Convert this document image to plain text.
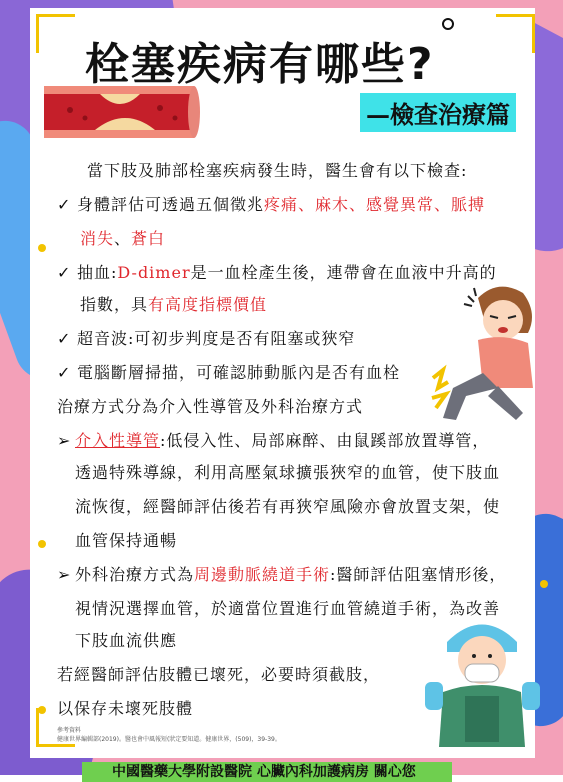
栓塞疾病有哪些?
—檢查治療篇
當下肢及肺部栓塞疾病發生時，醫生會有以下檢查:
✓ 身體評估可透過五個徵兆疼痛、麻木、感覺異常、脈搏
消失、蒼白
✓ 抽血:D-dimer是一血栓產生後，連帶會在血液中升高的
指數，具有高度指標價值
✓ 超音波:可初步判度是否有阻塞或狹窄
✓ 電腦斷層掃描，可確認肺動脈內是否有血栓
治療方式分為介入性導管及外科治療方式
➢ 介入性導管:低侵入性、局部麻醉、由鼠蹊部放置導管，
透過特殊導線，利用高壓氣球擴張狹窄的血管，使下肢血
流恢復，經醫師評估後若有再狹窄風險亦會放置支架，使
血管保持通暢
➢ 外科治療方式為周邊動脈繞道手術:醫師評估阻塞情形後，
視情況選擇血管，於適當位置進行血管繞道手術，為改善
下肢血流供應
若經醫師評估肢體已壞死，必要時須截肢，
以保存未壞死肢體
參考資料
健康世界編輯部(2019)。醫也會中風報短(狀定要知道。健康世界，(509)，39-39。
中國醫藥大學附設醫院 心臟內科加護病房 關心您
